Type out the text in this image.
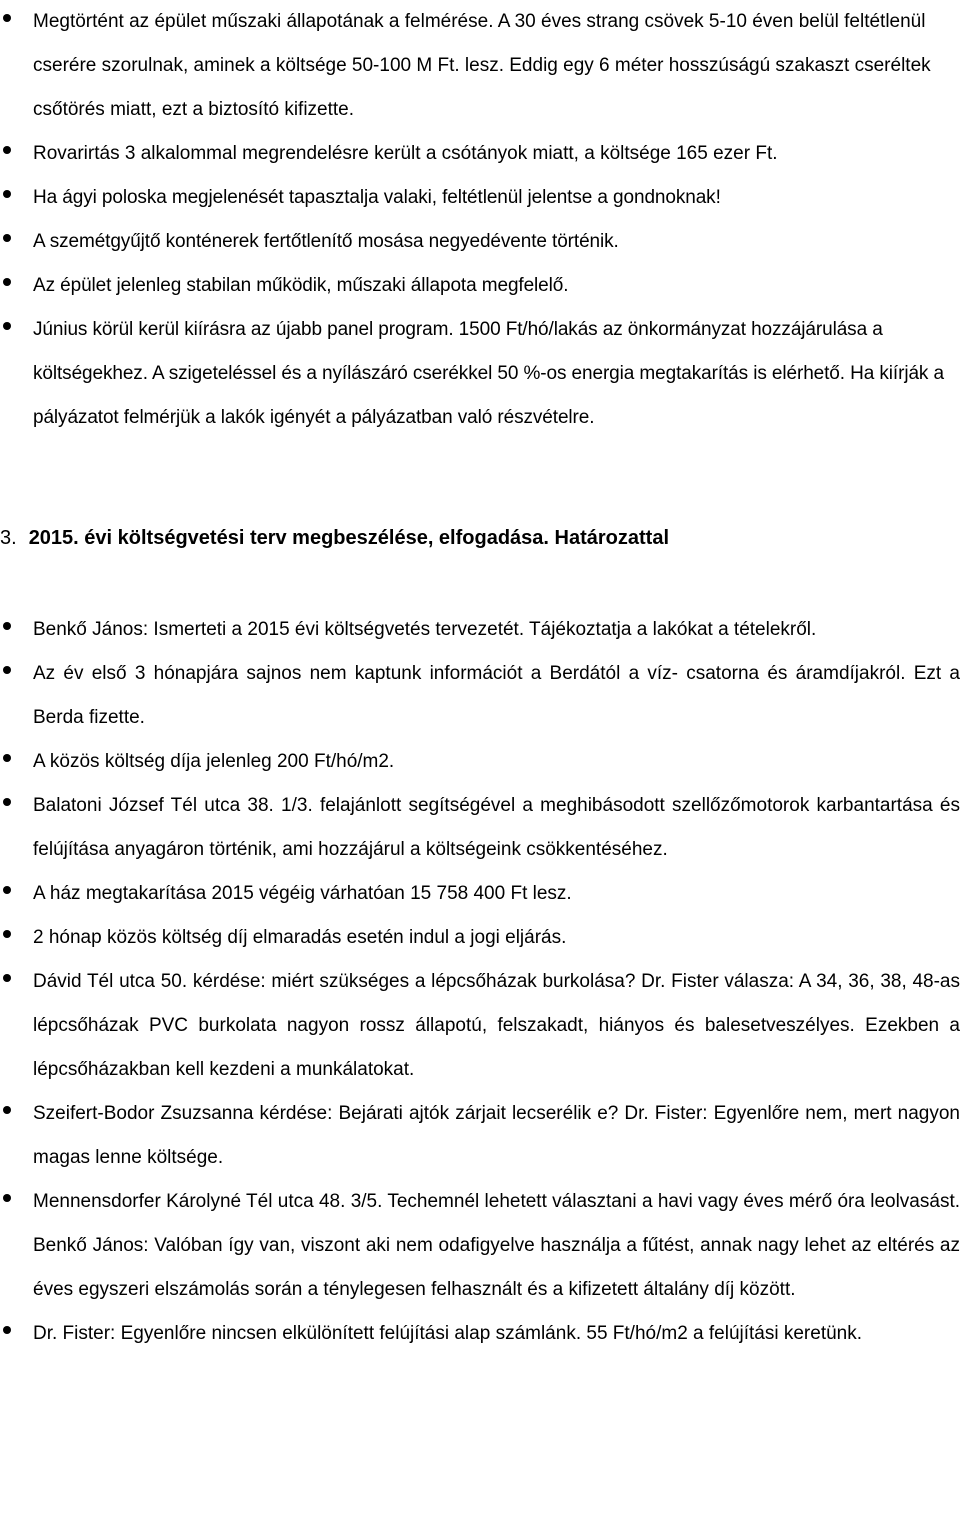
Megtörtént az épület műszaki állapotának a felmérése. A 30 éves strang csövek 5-10 éven belül feltétlenül cserére szorulnak, aminek a költsége 50-100 M Ft. lesz. Eddig egy 6 méter hosszúságú szakaszt cseréltek csőtörés miatt, ezt a biztosító kifizette.
Rovarirtás 3 alkalommal megrendelésre került a csótányok miatt, a költsége 165 ezer Ft.
Ha ágyi poloska megjelenését tapasztalja valaki, feltétlenül jelentse a gondnoknak!
A szemétgyűjtő konténerek fertőtlenítő mosása negyedévente történik.
Az épület jelenleg stabilan működik, műszaki állapota megfelelő.
Június körül kerül kiírásra az újabb panel program. 1500 Ft/hó/lakás az önkormányzat hozzájárulása a költségekhez. A szigeteléssel és a nyílászáró cserékkel 50 %-os energia megtakarítás is elérhető. Ha kiírják a pályázatot felmérjük a lakók igényét a pályázatban való részvételre.
3. 2015. évi költségvetési terv megbeszélése, elfogadása. Határozattal
Benkő János: Ismerteti a 2015 évi költségvetés tervezetét. Tájékoztatja a lakókat a tételekről.
Az év első 3 hónapjára sajnos nem kaptunk információt a Berdától a víz- csatorna és áramdíjakról. Ezt a Berda fizette.
A közös költség díja jelenleg 200 Ft/hó/m2.
Balatoni József Tél utca 38. 1/3. felajánlott segítségével a meghibásodott szellőzőmotorok karbantartása és felújítása anyagáron történik, ami hozzájárul a költségeink csökkentéséhez.
A ház megtakarítása 2015 végéig várhatóan 15 758 400 Ft lesz.
2 hónap közös költség díj elmaradás esetén indul a jogi eljárás.
Dávid Tél utca 50. kérdése: miért szükséges a lépcsőházak burkolása? Dr. Fister válasza: A 34, 36, 38, 48-as lépcsőházak PVC burkolata nagyon rossz állapotú, felszakadt, hiányos és balesetveszélyes. Ezekben a lépcsőházakban kell kezdeni a munkálatokat.
Szeifert-Bodor Zsuzsanna kérdése: Bejárati ajtók zárjait lecserélik e? Dr. Fister: Egyenlőre nem, mert nagyon magas lenne költsége.
Mennensdorfer Károlyné Tél utca 48. 3/5. Techemnél lehetett választani a havi vagy éves mérő óra leolvasást. Benkő János: Valóban így van, viszont aki nem odafigyelve használja a fűtést, annak nagy lehet az eltérés az éves egyszeri elszámolás során a ténylegesen felhasznált és a kifizetett általány díj között.
Dr. Fister: Egyenlőre nincsen elkülönített felújítási alap számlánk. 55 Ft/hó/m2 a felújítási keretünk.
